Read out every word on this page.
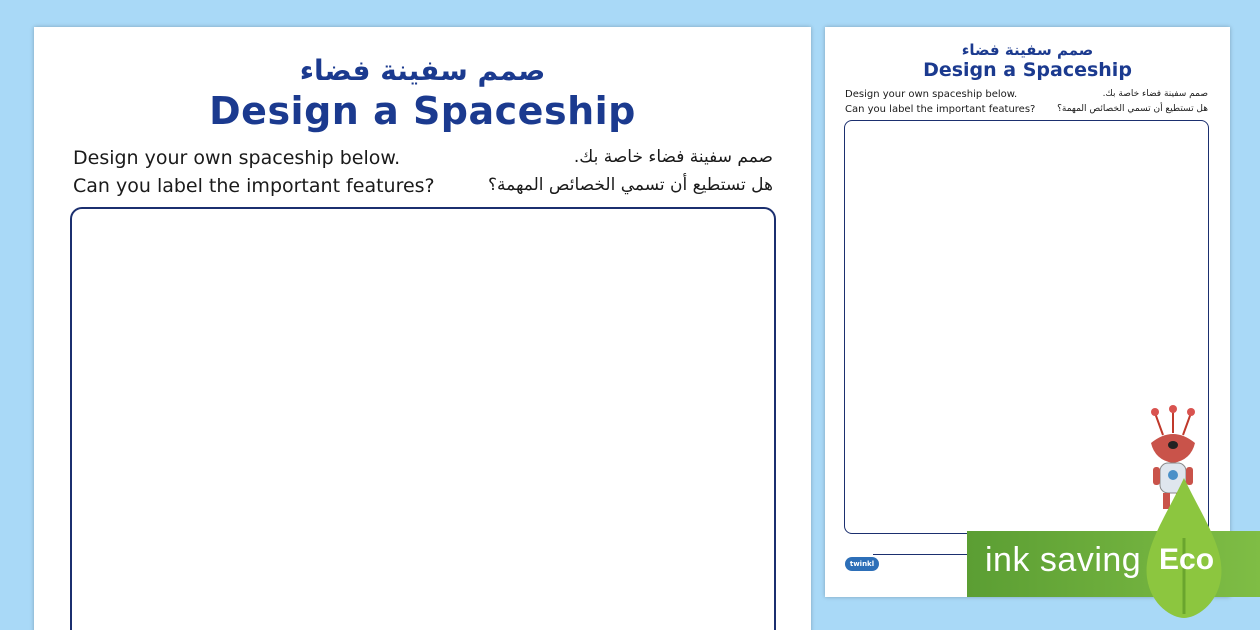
صمم سفينة فضاء
Design a Spaceship
Design your own spaceship below.
Can you label the important features?
صمم سفينة فضاء خاصة بك.
هل تستطيع أن تسمي الخصائص المهمة؟
صمم سفينة فضاء
Design a Spaceship
Design your own spaceship below.
Can you label the important features?
صمم سفينة فضاء خاصة بك.
هل تستطيع أن تسمي الخصائص المهمة؟
twinkl	ink saving Eco
